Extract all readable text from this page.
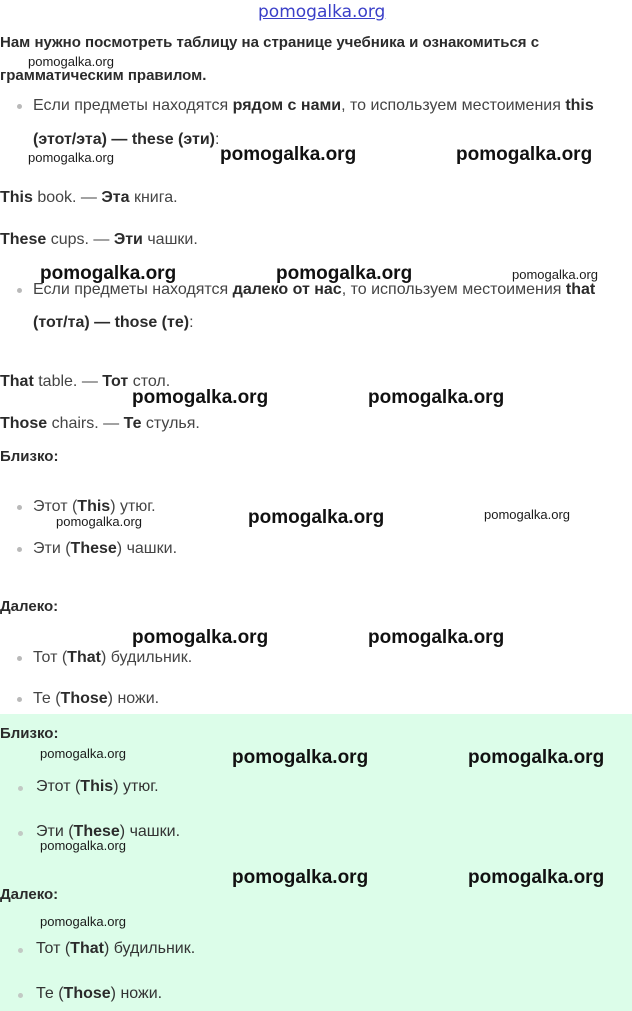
pomogalka.org
Нам нужно посмотреть таблицу на странице учебника и ознакомиться с
грамматическим правилом.
Если предметы находятся рядом с нами, то используем местоимения this
(этот/эта) — these (эти):
This book. — Эта книга.
These cups. — Эти чашки.
Если предметы находятся далеко от нас, то используем местоимения that
(тот/та) — those (те):
That table. — Тот стол.
Those chairs. — Те стулья.
Близко:
Этот (This) утюг.
Эти (These) чашки.
Далеко:
Тот (That) будильник.
Те (Those) ножи.
Близко:
Этот (This) утюг.
Эти (These) чашки.
Далеко:
Тот (That) будильник.
Те (Those) ножи.
pomogalka.org
pomogalka.org	pomogalka.org	pomogalka.org
pomogalka.org	pomogalka.org	pomogalka.org
pomogalka.org	pomogalka.org
pomogalka.org	pomogalka.org	pomogalka.org
pomogalka.org	pomogalka.org
pomogalka.org	pomogalka.org	pomogalka.org
pomogalka.org
pomogalka.org	pomogalka.org
pomogalka.org
